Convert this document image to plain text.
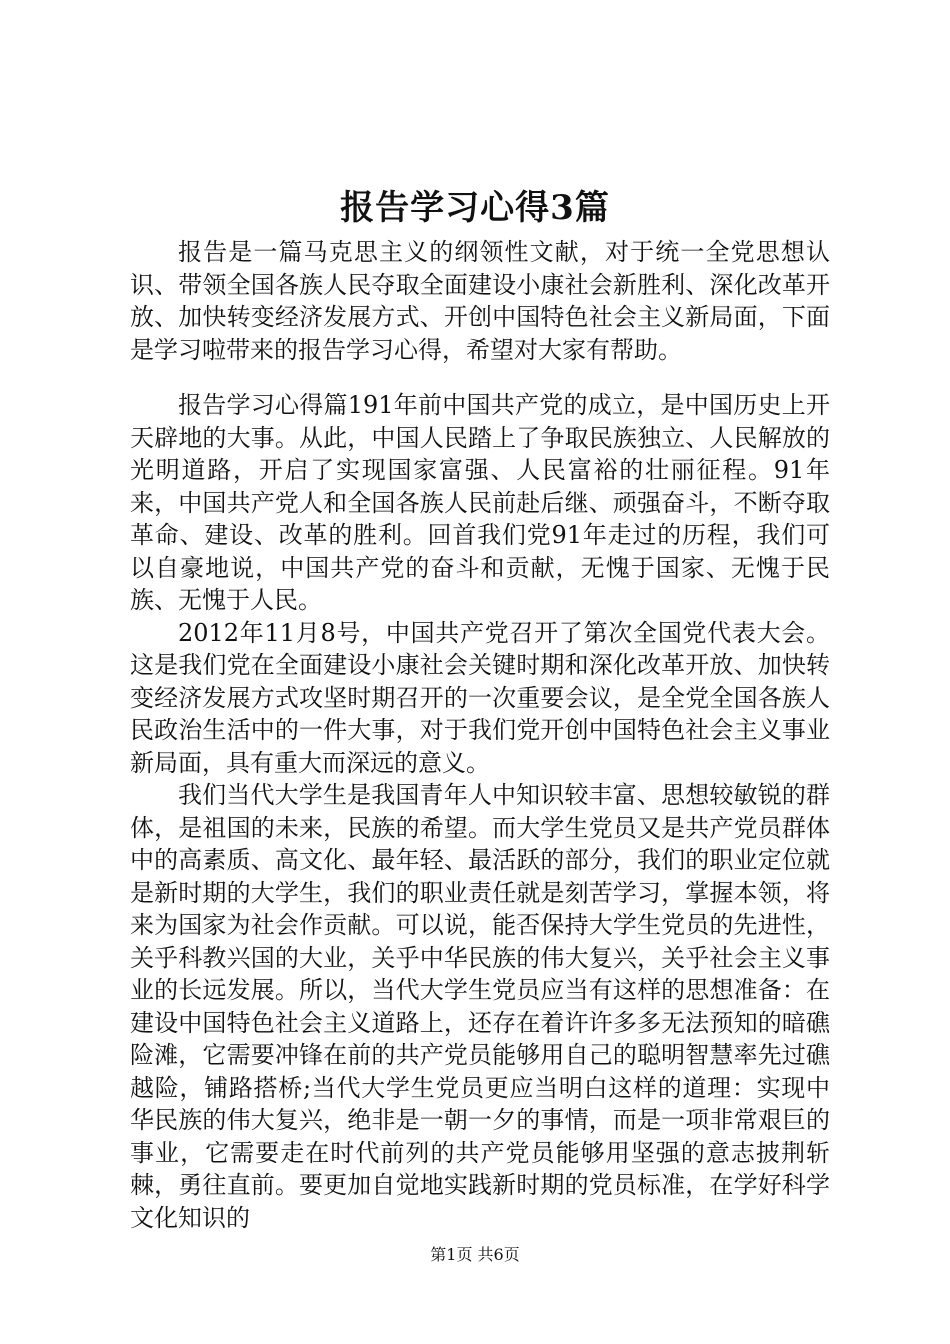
报告学习心得3篇

报告是一篇马克思主义的纲领性文献，对于统一全党思想认识、带领全国各族人民夺取全面建设小康社会新胜利、深化改革开放、加快转变经济发展方式、开创中国特色社会主义新局面，下面是学习啦带来的报告学习心得，希望对大家有帮助。

报告学习心得篇191年前中国共产党的成立，是中国历史上开天辟地的大事。从此，中国人民踏上了争取民族独立、人民解放的光明道路，开启了实现国家富强、人民富裕的壮丽征程。91年来，中国共产党人和全国各族人民前赴后继、顽强奋斗，不断夺取革命、建设、改革的胜利。回首我们党91年走过的历程，我们可以自豪地说，中国共产党的奋斗和贡献，无愧于国家、无愧于民族、无愧于人民。

2012年11月8号，中国共产党召开了第次全国党代表大会。这是我们党在全面建设小康社会关键时期和深化改革开放、加快转变经济发展方式攻坚时期召开的一次重要会议，是全党全国各族人民政治生活中的一件大事，对于我们党开创中国特色社会主义事业新局面，具有重大而深远的意义。

我们当代大学生是我国青年人中知识较丰富、思想较敏锐的群体，是祖国的未来，民族的希望。而大学生党员又是共产党员群体中的高素质、高文化、最年轻、最活跃的部分，我们的职业定位就是新时期的大学生，我们的职业责任就是刻苦学习，掌握本领，将来为国家为社会作贡献。可以说，能否保持大学生党员的先进性，关乎科教兴国的大业，关乎中华民族的伟大复兴，关乎社会主义事业的长远发展。所以，当代大学生党员应当有这样的思想准备：在建设中国特色社会主义道路上，还存在着许许多多无法预知的暗礁险滩，它需要冲锋在前的共产党员能够用自己的聪明智慧率先过礁越险，铺路搭桥;当代大学生党员更应当明白这样的道理：实现中华民族的伟大复兴，绝非是一朝一夕的事情，而是一项非常艰巨的事业，它需要走在时代前列的共产党员能够用坚强的意志披荆斩棘，勇往直前。要更加自觉地实践新时期的党员标准，在学好科学文化知识的

第1页 共6页
